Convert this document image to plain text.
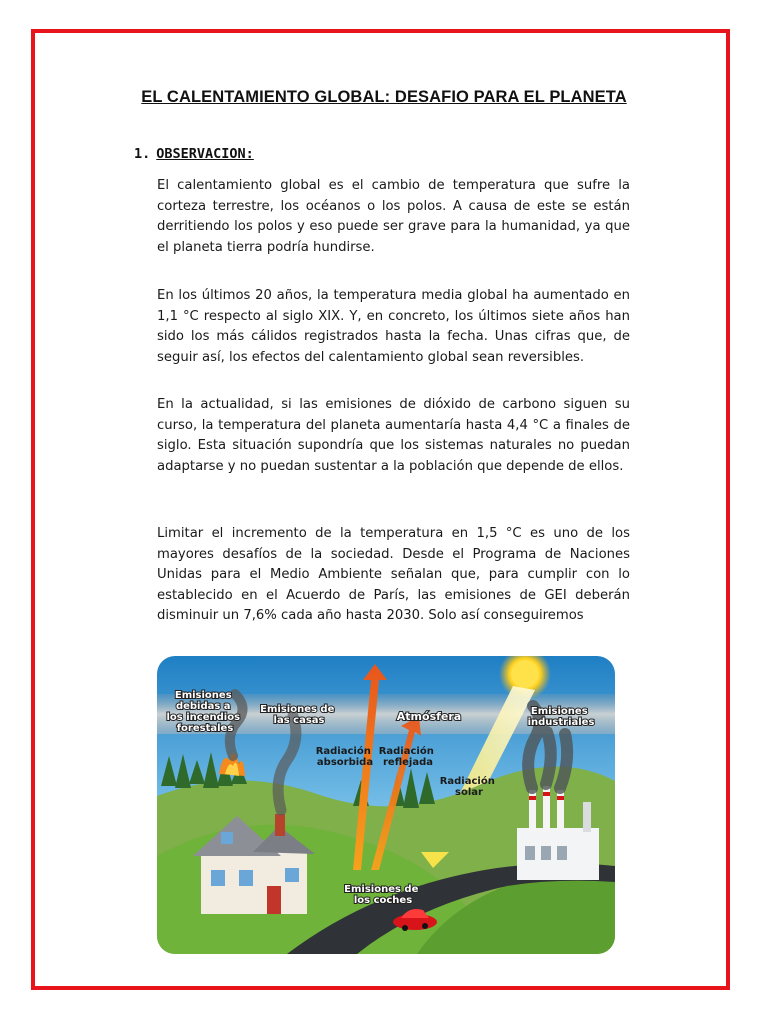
EL CALENTAMIENTO GLOBAL: DESAFIO PARA EL PLANETA
1. OBSERVACION:

El calentamiento global es el cambio de temperatura que sufre la corteza terrestre, los océanos o los polos. A causa de este se están derritiendo los polos y eso puede ser grave para la humanidad, ya que el planeta tierra podría hundirse.

En los últimos 20 años, la temperatura media global ha aumentado en 1,1 °C respecto al siglo XIX. Y, en concreto, los últimos siete años han sido los más cálidos registrados hasta la fecha. Unas cifras que, de seguir así, los efectos del calentamiento global sean reversibles.

En la actualidad, si las emisiones de dióxido de carbono siguen su curso, la temperatura del planeta aumentaría hasta 4,4 °C a finales de siglo. Esta situación supondría que los sistemas naturales no puedan adaptarse y no puedan sustentar a la población que depende de ellos.

Limitar el incremento de la temperatura en 1,5 °C es uno de los mayores desafíos de la sociedad. Desde el Programa de Naciones Unidas para el Medio Ambiente señalan que, para cumplir con lo establecido en el Acuerdo de París, las emisiones de GEI deberán disminuir un 7,6% cada año hasta 2030. Solo así conseguiremos

Emisiones debidas a los incendios forestales
Emisiones de las casas	Atmósfera	Emisiones industriales
Radiación absorbida
Radiación reflejada
Radiación solar
Emisiones de los coches
